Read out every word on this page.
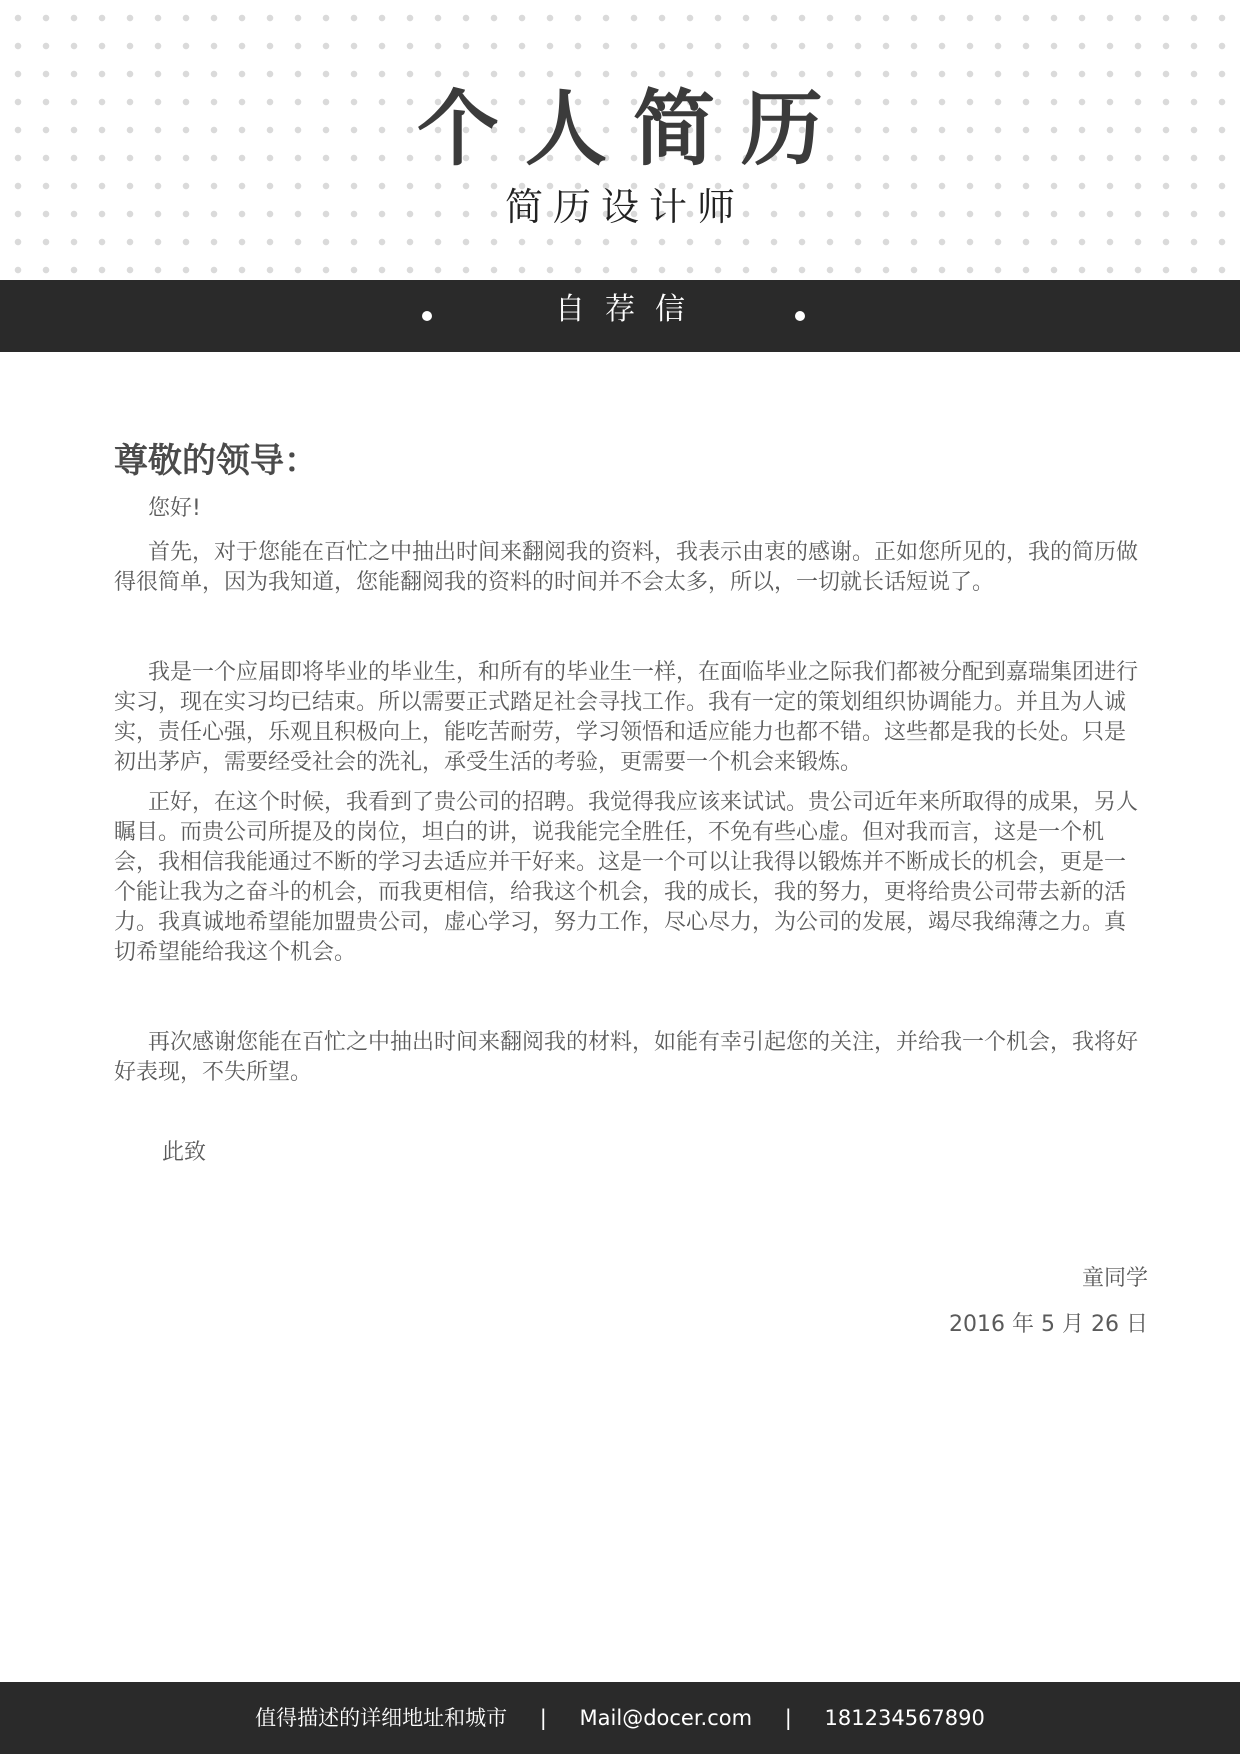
个人简历
简历设计师
自荐信
尊敬的领导：

您好!

首先，对于您能在百忙之中抽出时间来翻阅我的资料，我表示由衷的感谢。正如您所见的，我的简历做得很简单，因为我知道，您能翻阅我的资料的时间并不会太多，所以，一切就长话短说了。

我是一个应届即将毕业的毕业生，和所有的毕业生一样，在面临毕业之际我们都被分配到嘉瑞集团进行实习，现在实习均已结束。所以需要正式踏足社会寻找工作。我有一定的策划组织协调能力。并且为人诚实，责任心强，乐观且积极向上，能吃苦耐劳，学习领悟和适应能力也都不错。这些都是我的长处。只是初出茅庐，需要经受社会的洗礼，承受生活的考验，更需要一个机会来锻炼。

正好，在这个时候，我看到了贵公司的招聘。我觉得我应该来试试。贵公司近年来所取得的成果，另人瞩目。而贵公司所提及的岗位，坦白的讲，说我能完全胜任，不免有些心虚。但对我而言，这是一个机会，我相信我能通过不断的学习去适应并干好来。这是一个可以让我得以锻炼并不断成长的机会，更是一个能让我为之奋斗的机会，而我更相信，给我这个机会，我的成长，我的努力，更将给贵公司带去新的活力。我真诚地希望能加盟贵公司，虚心学习，努力工作，尽心尽力，为公司的发展，竭尽我绵薄之力。真切希望能给我这个机会。

再次感谢您能在百忙之中抽出时间来翻阅我的材料，如能有幸引起您的关注，并给我一个机会，我将好好表现，不失所望。

此致

童同学
2016 年 5 月 26 日
值得描述的详细地址和城市 | Mail@docer.com | 181234567890
